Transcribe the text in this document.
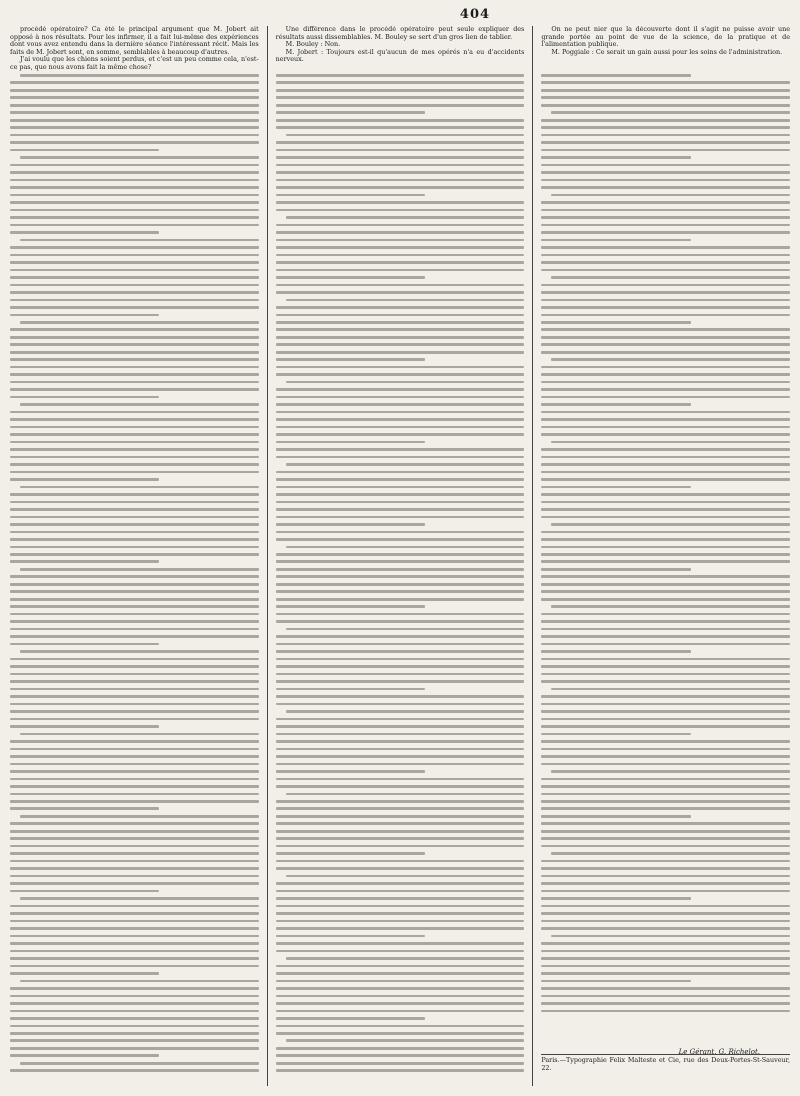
404

procédé opératoire? Ca été le principal argument que M. Jobert ait opposé à nos résultats. Pour les infirmer, il a fait lui-même des expériences dont vous avez entendu dans la dernière séance l'intéressant récit. Mais les faits de M. Jobert sont, en somme, semblables à beaucoup d'autres.

J'ai voulu que les chiens soient perdus, et c'est un peu comme cela, n'est-ce pas, que nous avons fait la même chose?

Une différence dans le procédé opératoire peut seule expliquer des résultats aussi dissemblables. M. Bouley se sert d'un gros lien de tablier.

M. Bouley : Non.

M. Jobert : Toujours est-il qu'aucun de mes opérés n'a eu d'accidents nerveux.

On ne peut nier que la découverte dont il s'agit ne puisse avoir une grande portée au point de vue de la science, de la pratique et de l'alimentation publique.

M. Poggiale : Ce serait un gain aussi pour les soins de l'administration.

Le Gérant, G. Richelot.
Paris.—Typographie Felix Malteste et Cie, rue des Deux-Portes-St-Sauveur, 22.
